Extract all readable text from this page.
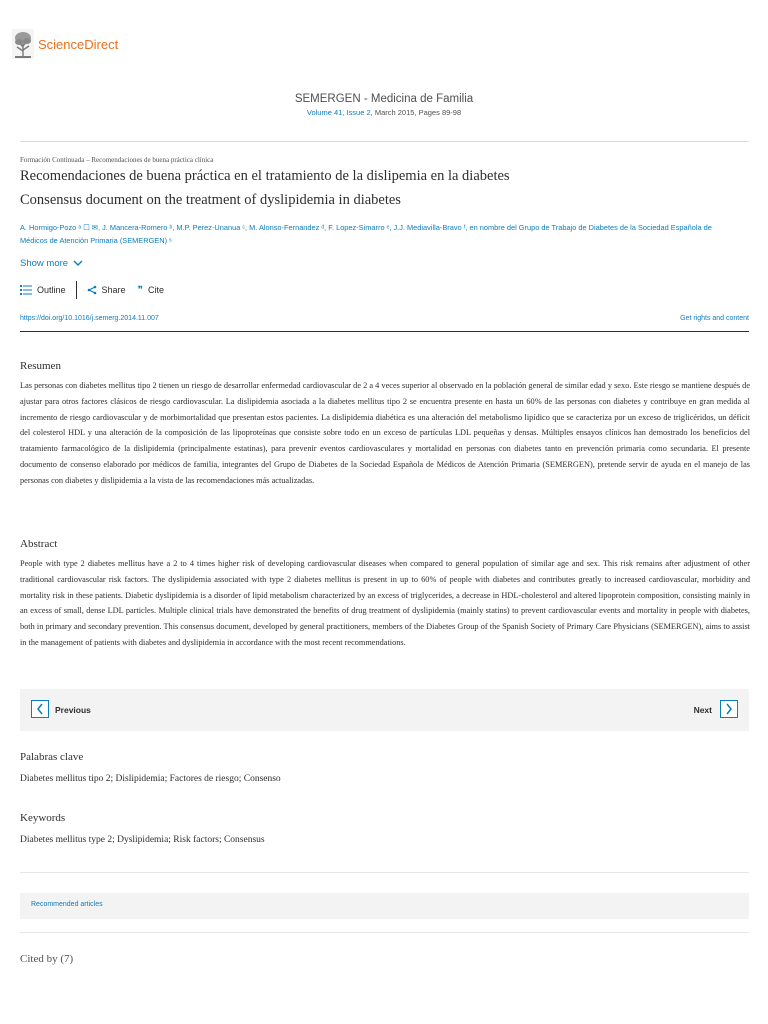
ScienceDirect
SEMERGEN - Medicina de Familia
Volume 41, Issue 2, March 2015, Pages 89-98
Formación Continuada – Recomendaciones de buena práctica clínica
Recomendaciones de buena práctica en el tratamiento de la dislipemia en la diabetes
Consensus document on the treatment of dyslipidemia in diabetes
A. Hormigo-Pozo ᵃ ☐ ✉, J. Mancera-Romero ᵇ, M.P. Perez-Unanua ᶜ, M. Alonso-Fernandez ᵈ, F. Lopez-Simarro ᵉ, J.J. Mediavilla-Bravo ᶠ, en nombre del Grupo de Trabajo de Diabetes de la Sociedad Española de
Médicos de Atención Primaria (SEMERGEN) ˢ
Show more
Outline	Share ❞ Cite
https://doi.org/10.1016/j.semerg.2014.11.007	Get rights and content
Resumen
Las personas con diabetes mellitus tipo 2 tienen un riesgo de desarrollar enfermedad cardiovascular de 2 a 4 veces superior al observado en la población general de similar edad y sexo. Este riesgo se mantiene después de ajustar para otros factores clásicos de riesgo cardiovascular. La dislipidemia asociada a la diabetes mellitus tipo 2 se encuentra presente en hasta un 60% de las personas con diabetes y contribuye en gran medida al incremento de riesgo cardiovascular y de morbimortalidad que presentan estos pacientes. La dislipidemia diabética es una alteración del metabolismo lipídico que se caracteriza por un exceso de triglicéridos, un déficit del colesterol HDL y una alteración de la composición de las lipoproteínas que consiste sobre todo en un exceso de partículas LDL pequeñas y densas. Múltiples ensayos clínicos han demostrado los beneficios del tratamiento farmacológico de la dislipidemia (principalmente estatinas), para prevenir eventos cardiovasculares y mortalidad en personas con diabetes tanto en prevención primaria como secundaria. El presente documento de consenso elaborado por médicos de familia, integrantes del Grupo de Diabetes de la Sociedad Española de Médicos de Atención Primaria (SEMERGEN), pretende servir de ayuda en el manejo de las personas con diabetes y dislipidemia a la vista de las recomendaciones más actualizadas.
Abstract
People with type 2 diabetes mellitus have a 2 to 4 times higher risk of developing cardiovascular diseases when compared to general population of similar age and sex. This risk remains after adjustment of other traditional cardiovascular risk factors. The dyslipidemia associated with type 2 diabetes mellitus is present in up to 60% of people with diabetes and contributes greatly to increased cardiovascular, morbidity and mortality risk in these patients. Diabetic dyslipidemia is a disorder of lipid metabolism characterized by an excess of triglycerides, a decrease in HDL-cholesterol and altered lipoprotein composition, consisting mainly in an excess of small, dense LDL particles. Multiple clinical trials have demonstrated the benefits of drug treatment of dyslipidemia (mainly statins) to prevent cardiovascular events and mortality in people with diabetes, both in primary and secondary prevention. This consensus document, developed by general practitioners, members of the Diabetes Group of the Spanish Society of Primary Care Physicians (SEMERGEN), aims to assist in the management of patients with diabetes and dyslipidemia in accordance with the most recent recommendations.
Previous	Next
Palabras clave
Diabetes mellitus tipo 2; Dislipidemia; Factores de riesgo; Consenso
Keywords
Diabetes mellitus type 2; Dyslipidemia; Risk factors; Consensus
Recommended articles
Cited by (7)
